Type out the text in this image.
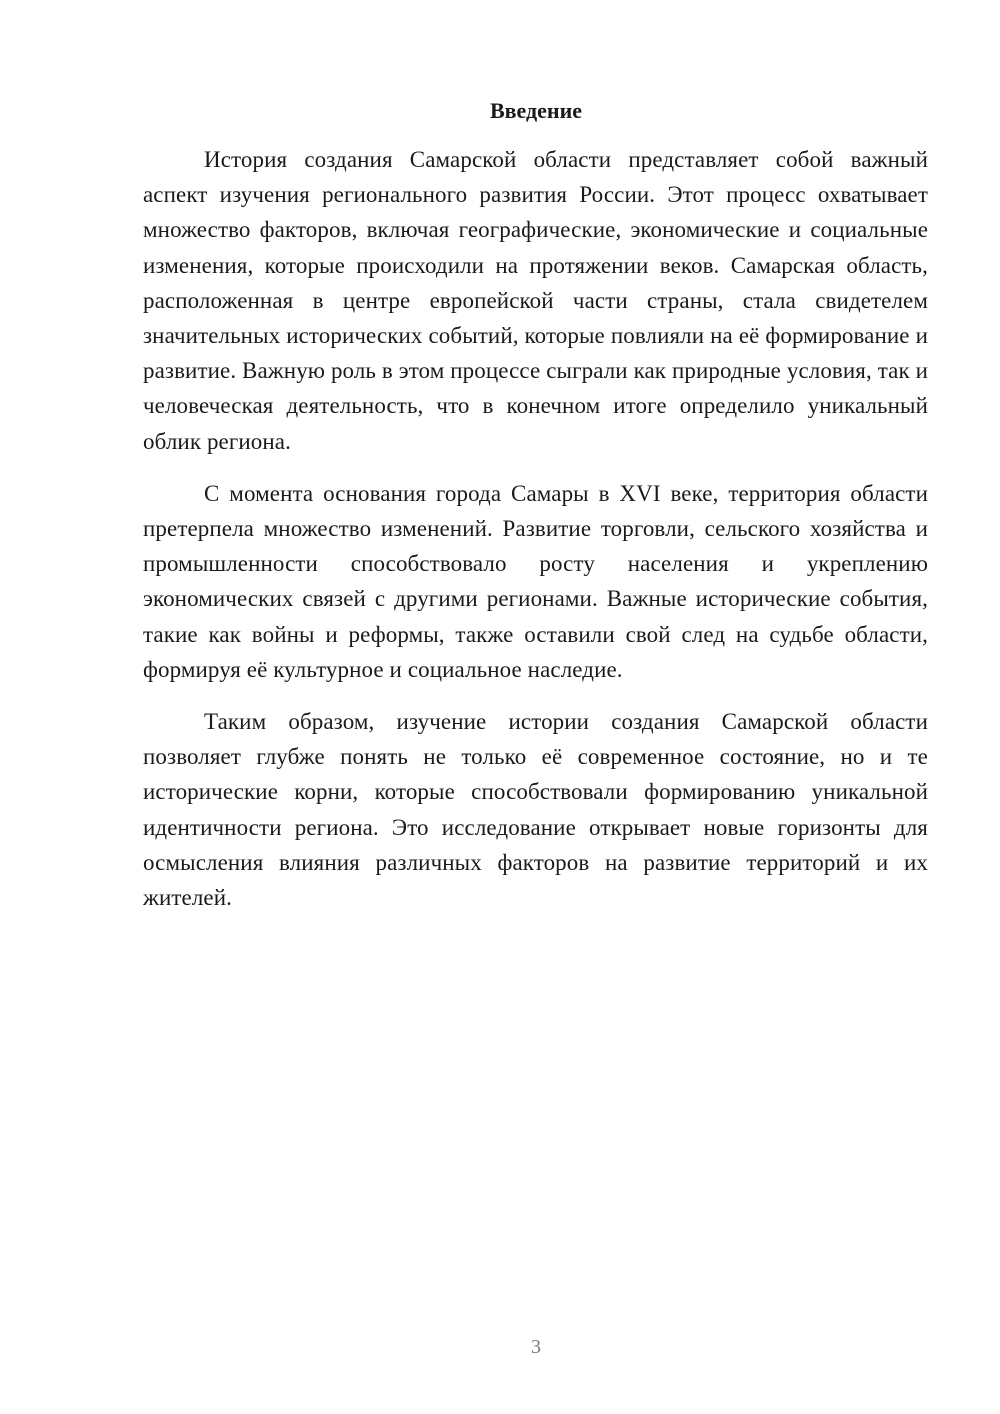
Введение

История создания Самарской области представляет собой важный аспект изучения регионального развития России. Этот процесс охватывает множество факторов, включая географические, экономические и социальные изменения, которые происходили на протяжении веков. Самарская область, расположенная в центре европейской части страны, стала свидетелем значительных исторических событий, которые повлияли на её формирование и развитие. Важную роль в этом процессе сыграли как природные условия, так и человеческая деятельность, что в конечном итоге определило уникальный облик региона.

С момента основания города Самары в XVI веке, территория области претерпела множество изменений. Развитие торговли, сельского хозяйства и промышленности способствовало росту населения и укреплению экономических связей с другими регионами. Важные исторические события, такие как войны и реформы, также оставили свой след на судьбе области, формируя её культурное и социальное наследие.

Таким образом, изучение истории создания Самарской области позволяет глубже понять не только её современное состояние, но и те исторические корни, которые способствовали формированию уникальной идентичности региона. Это исследование открывает новые горизонты для осмысления влияния различных факторов на развитие территорий и их жителей.

3
